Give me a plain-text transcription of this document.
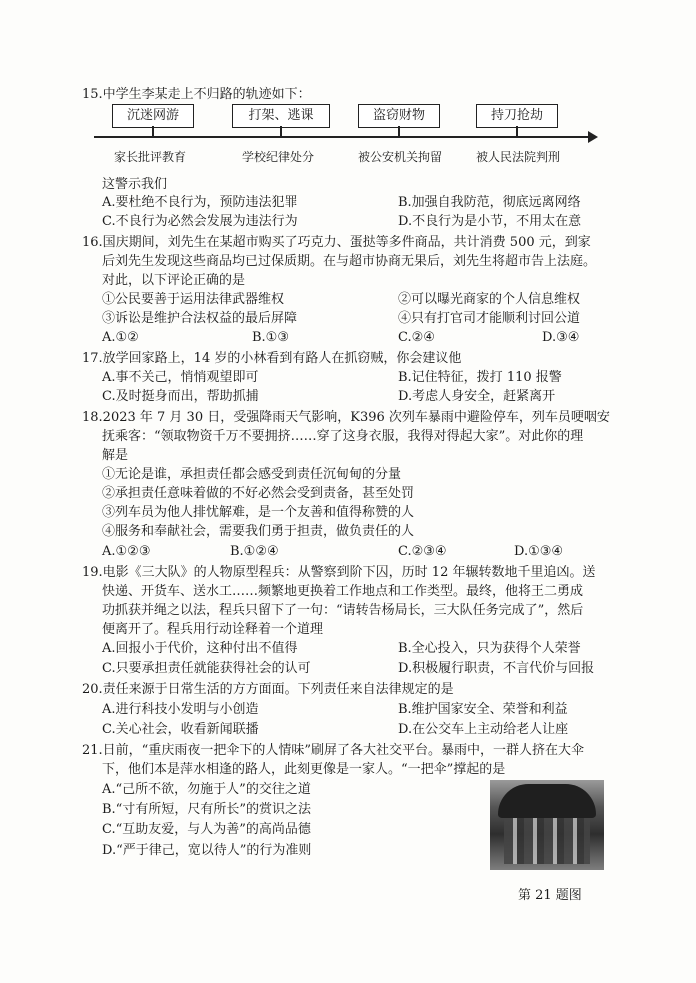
15.中学生李某走上不归路的轨迹如下：
沉迷网游	打架、逃课	盗窃财物	持刀抢劫
家长批评教育	学校纪律处分	被公安机关拘留	被人民法院判刑
这警示我们
A.要杜绝不良行为，预防违法犯罪	B.加强自我防范，彻底远离网络
C.不良行为必然会发展为违法行为	D.不良行为是小节，不用太在意
16.国庆期间，刘先生在某超市购买了巧克力、蛋挞等多件商品，共计消费 500 元，到家
后刘先生发现这些商品均已过保质期。在与超市协商无果后，刘先生将超市告上法庭。
对此，以下评论正确的是
①公民要善于运用法律武器维权	②可以曝光商家的个人信息维权
③诉讼是维护合法权益的最后屏障	④只有打官司才能顺利讨回公道
A.①②	B.①③	C.②④	D.③④
17.放学回家路上，14 岁的小林看到有路人在抓窃贼，你会建议他
A.事不关己，悄悄观望即可	B.记住特征，拨打 110 报警
C.及时挺身而出，帮助抓捕	D.考虑人身安全，赶紧离开
18.2023 年 7 月 30 日，受强降雨天气影响，K396 次列车暴雨中避险停车，列车员哽咽安
抚乘客：“领取物资千万不要拥挤……穿了这身衣服，我得对得起大家”。对此你的理
解是
①无论是谁，承担责任都会感受到责任沉甸甸的分量
②承担责任意味着做的不好必然会受到责备，甚至处罚
③列车员为他人排忧解难，是一个友善和值得称赞的人
④服务和奉献社会，需要我们勇于担责，做负责任的人
A.①②③	B.①②④	C.②③④	D.①③④
19.电影《三大队》的人物原型程兵：从警察到阶下囚，历时 12 年辗转数地千里追凶。送
快递、开货车、送水工……频繁地更换着工作地点和工作类型。最终，他将王二勇成
功抓获并绳之以法，程兵只留下了一句：“请转告杨局长，三大队任务完成了”，然后
便离开了。程兵用行动诠释着一个道理
A.回报小于代价，这种付出不值得	B.全心投入，只为获得个人荣誉
C.只要承担责任就能获得社会的认可	D.积极履行职责，不言代价与回报
20.责任来源于日常生活的方方面面。下列责任来自法律规定的是
A.进行科技小发明与小创造	B.维护国家安全、荣誉和利益
C.关心社会，收看新闻联播	D.在公交车上主动给老人让座
21.日前，“重庆雨夜一把伞下的人情味”刷屏了各大社交平台。暴雨中，一群人挤在大伞
下，他们本是萍水相逢的路人，此刻更像是一家人。“一把伞”撑起的是
A.“己所不欲，勿施于人”的交往之道
B.“寸有所短，尺有所长”的赏识之法
C.“互助友爱，与人为善”的高尚品德
D.“严于律己，宽以待人”的行为准则
第 21 题图
